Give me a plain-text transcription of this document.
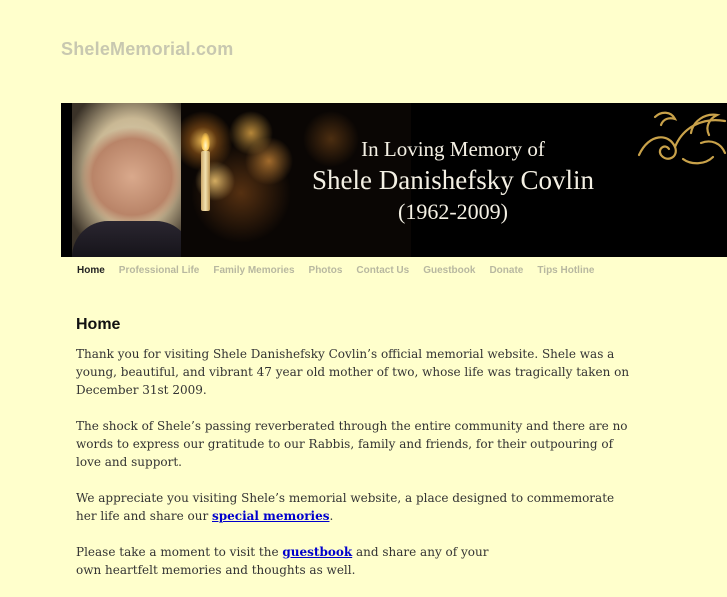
SheleMemorial.com
In Loving Memory of
Shele Danishefsky Covlin
(1962-2009)
Home Professional Life Family Memories Photos Contact Us Guestbook Donate Tips Hotline
Home

Thank you for visiting Shele Danishefsky Covlin’s official memorial website. Shele was a young, beautiful, and vibrant 47 year old mother of two, whose life was tragically taken on December 31st 2009.

The shock of Shele’s passing reverberated through the entire community and there are no words to express our gratitude to our Rabbis, family and friends, for their outpouring of love and support.

We appreciate you visiting Shele’s memorial website, a place designed to commemorate her life and share our special memories.

Please take a moment to visit the guestbook and share any of your own heartfelt memories and thoughts as well.
